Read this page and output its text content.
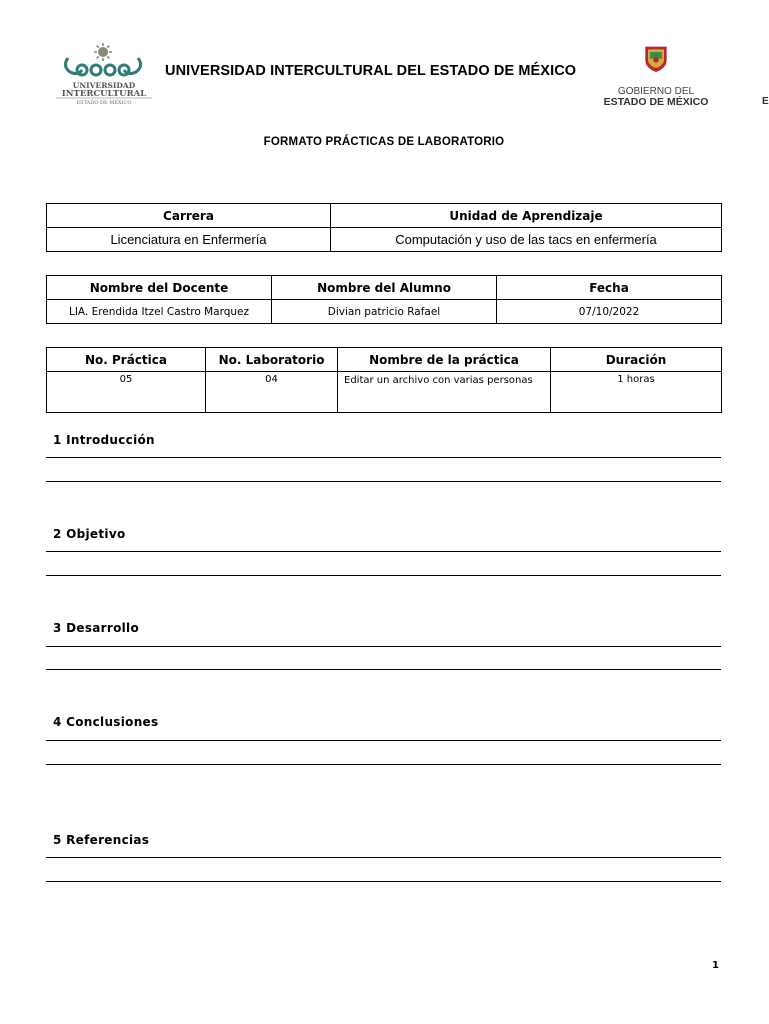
UNIVERSIDAD
INTERCULTURAL
ESTADO DE MÉXICO
UNIVERSIDAD INTERCULTURAL DEL ESTADO DE MÉXICO
GOBIERNO DEL
ESTADO DE MÉXICO	E
FORMATO PRÁCTICAS DE LABORATORIO
Carrera	Unidad de Aprendizaje
Licenciatura en Enfermería	Computación y uso de las tacs en enfermería
Nombre del Docente	Nombre del Alumno	Fecha
LIA. Erendida Itzel Castro Marquez	Divian patricio Rafael	07/10/2022
No. Práctica	No. Laboratorio	Nombre de la práctica	Duración
05	04	Editar un archivo con varias personas	1 horas
1 Introducción
2 Objetivo
3 Desarrollo
4 Conclusiones
5 Referencias
1
